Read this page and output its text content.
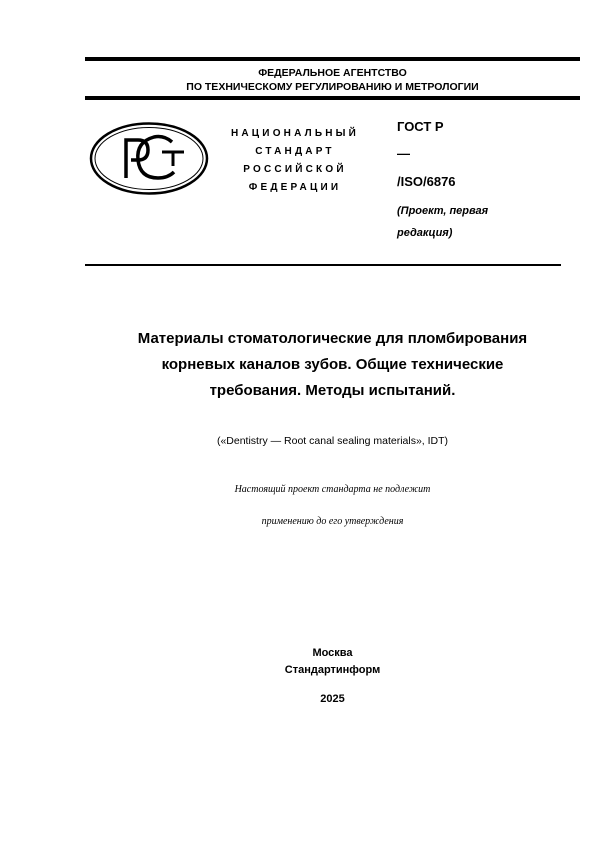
ФЕДЕРАЛЬНОЕ АГЕНТСТВО
ПО ТЕХНИЧЕСКОМУ РЕГУЛИРОВАНИЮ И МЕТРОЛОГИИ
НАЦИОНАЛЬНЫЙ
СТАНДАРТ
РОССИЙСКОЙ
ФЕДЕРАЦИИ
ГОСТ Р
—
/ISO/6876
(Проект, первая
редакция)
Материалы стоматологические для пломбирования
корневых каналов зубов. Общие технические
требования. Методы испытаний.
(«Dentistry — Root canal sealing materials», IDT)
Настоящий проект стандарта не подлежит
применению до его утверждения
Москва
Стандартинформ
2025
